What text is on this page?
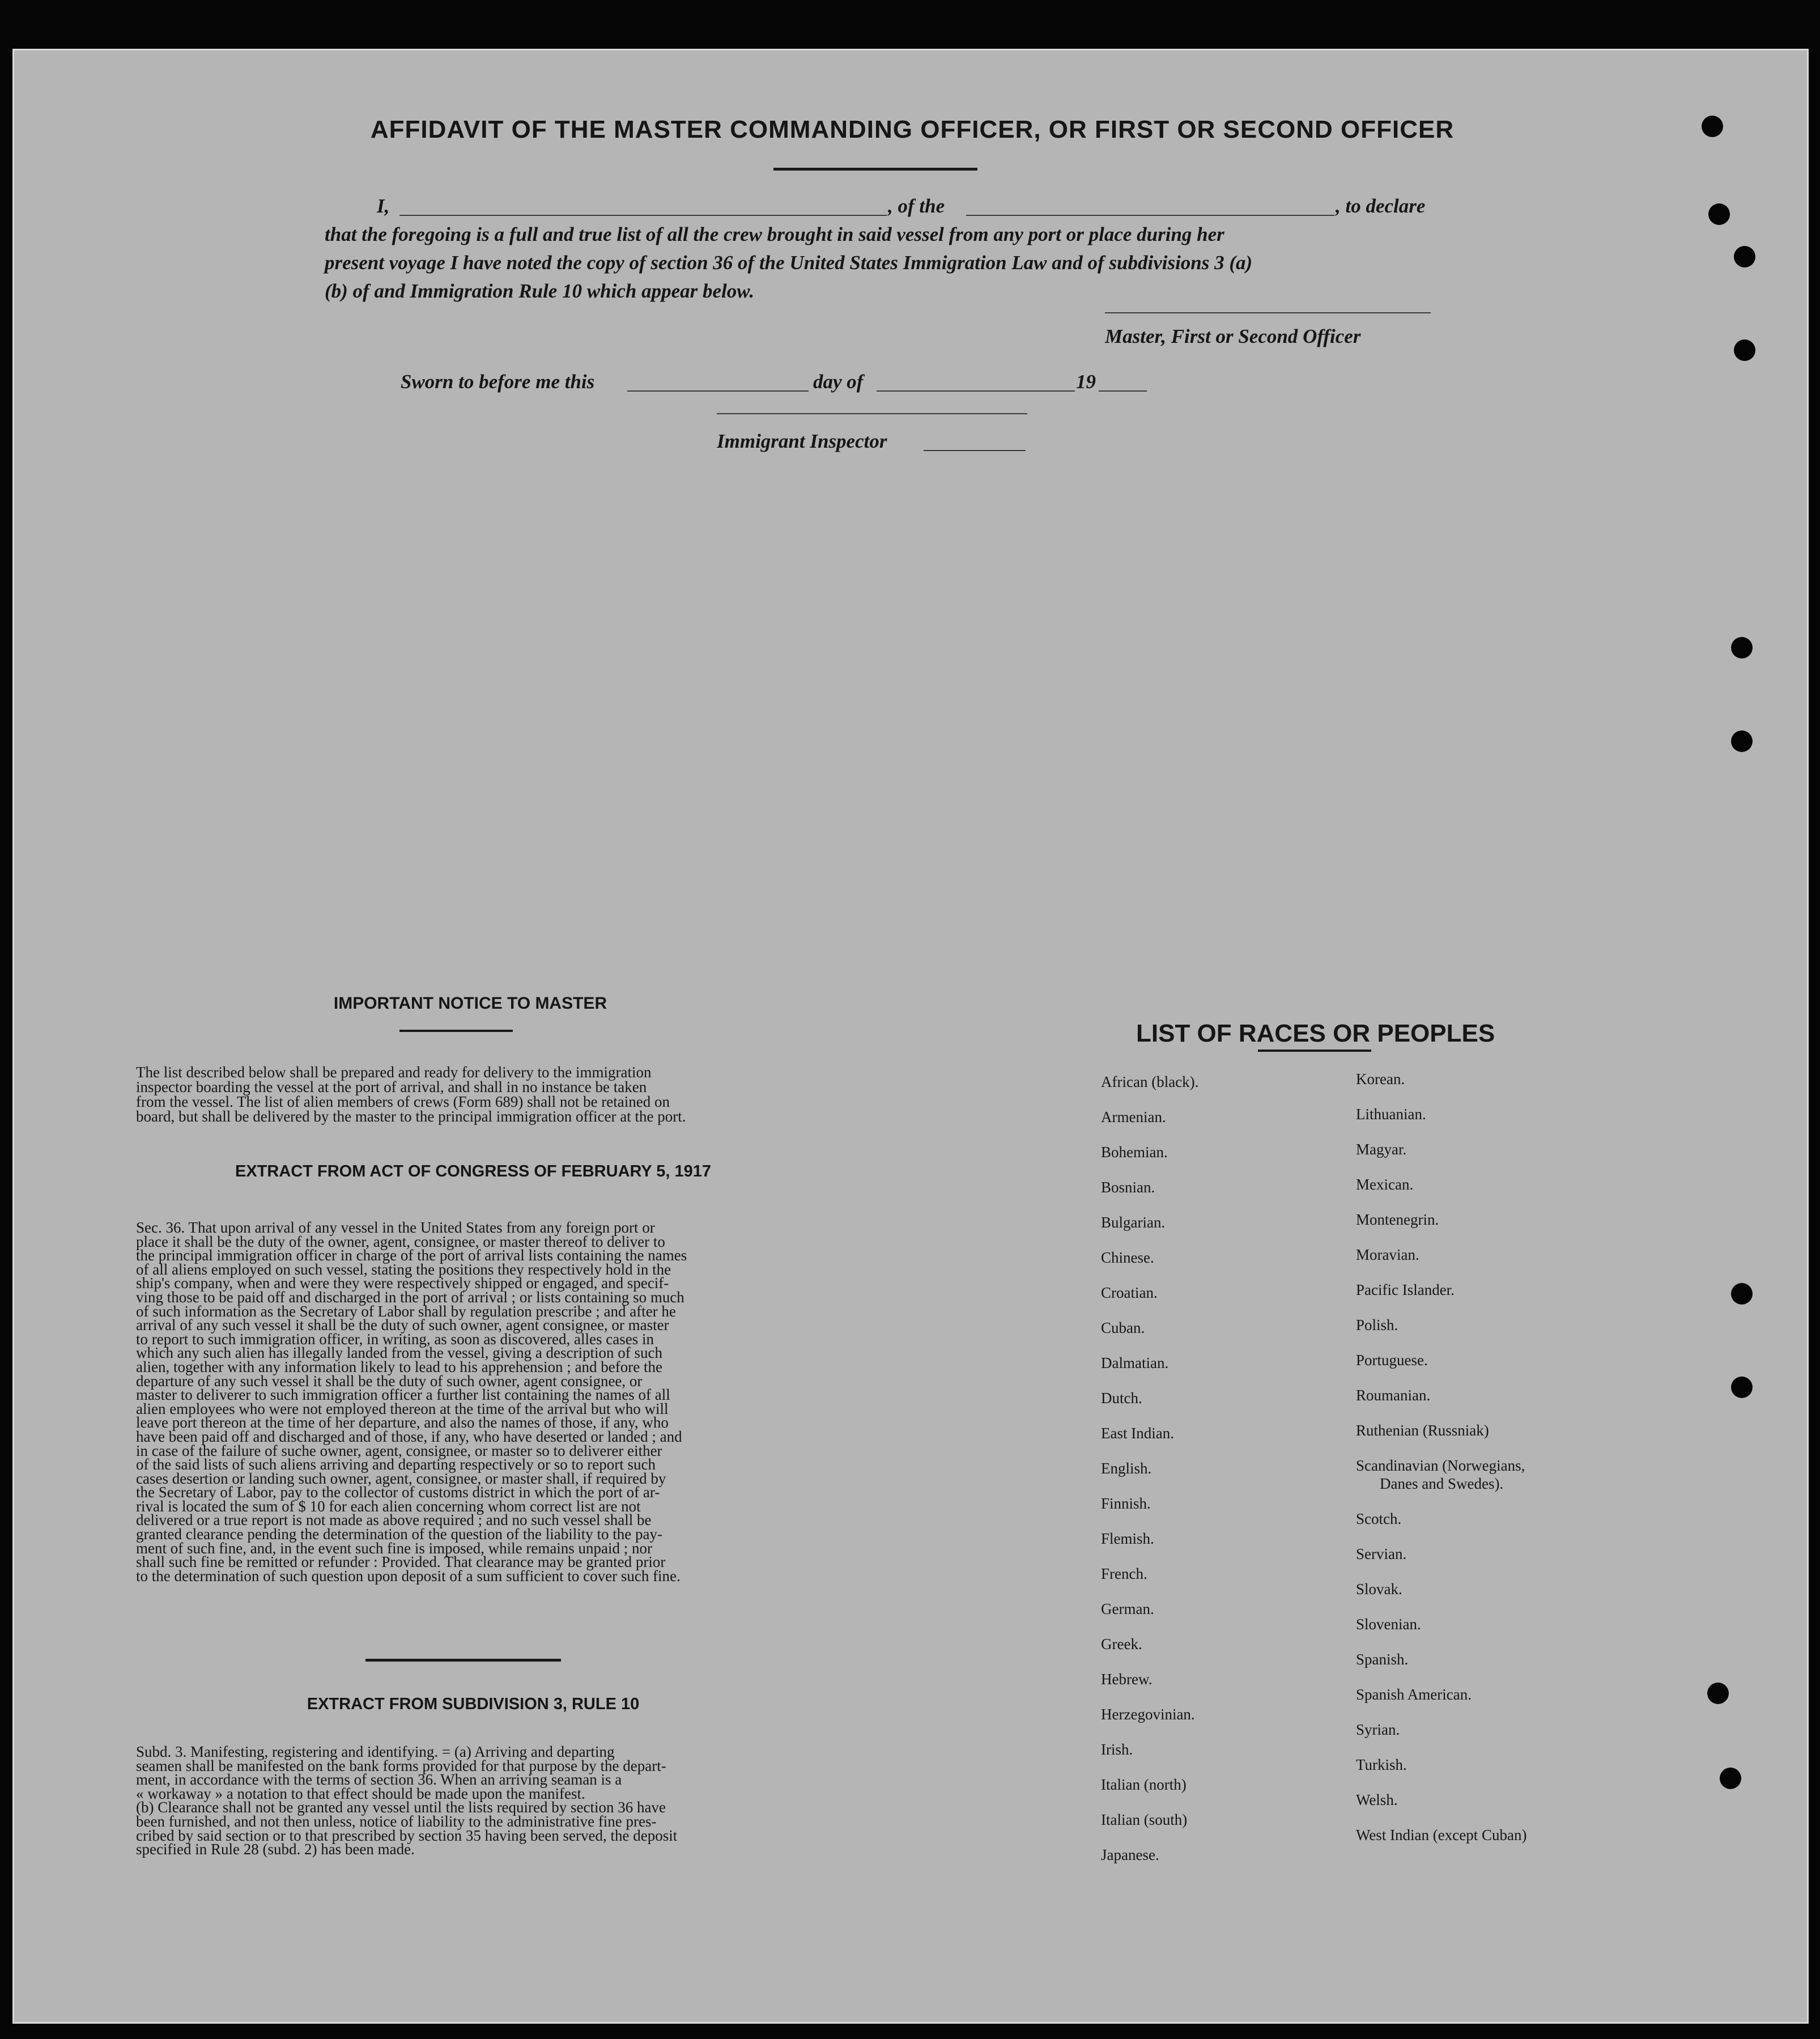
AFFIDAVIT OF THE MASTER COMMANDING OFFICER, OR FIRST OR SECOND OFFICER
I,	, of the	, to declare
that the foregoing is a full and true list of all the crew brought in said vessel from any port or place during her
present voyage I have noted the copy of section 36 of the United States Immigration Law and of subdivisions 3 (a)
(b) of and Immigration Rule 10 which appear below.
Master, First or Second Officer
Sworn to before me this	day of	19
Immigrant Inspector
IMPORTANT NOTICE TO MASTER
The list described below shall be prepared and ready for delivery to the immigration
inspector boarding the vessel at the port of arrival, and shall in no instance be taken
from the vessel. The list of alien members of crews (Form 689) shall not be retained on
board, but shall be delivered by the master to the principal immigration officer at the port.
EXTRACT FROM ACT OF CONGRESS OF FEBRUARY 5, 1917
Sec. 36. That upon arrival of any vessel in the United States from any foreign port or
place it shall be the duty of the owner, agent, consignee, or master thereof to deliver to
the principal immigration officer in charge of the port of arrival lists containing the names
of all aliens employed on such vessel, stating the positions they respectively hold in the
ship's company, when and were they were respectively shipped or engaged, and specif-
ving those to be paid off and discharged in the port of arrival ; or lists containing so much
of such information as the Secretary of Labor shall by regulation prescribe ; and after he
arrival of any such vessel it shall be the duty of such owner, agent consignee, or master
to report to such immigration officer, in writing, as soon as discovered, alles cases in
which any such alien has illegally landed from the vessel, giving a description of such
alien, together with any information likely to lead to his apprehension ; and before the
departure of any such vessel it shall be the duty of such owner, agent consignee, or
master to deliverer to such immigration officer a further list containing the names of all
alien employees who were not employed thereon at the time of the arrival but who will
leave port thereon at the time of her departure, and also the names of those, if any, who
have been paid off and discharged and of those, if any, who have deserted or landed ; and
in case of the failure of suche owner, agent, consignee, or master so to deliverer either
of the said lists of such aliens arriving and departing respectively or so to report such
cases desertion or landing such owner, agent, consignee, or master shall, if required by
the Secretary of Labor, pay to the collector of customs district in which the port of ar-
rival is located the sum of $ 10 for each alien concerning whom correct list are not
delivered or a true report is not made as above required ; and no such vessel shall be
granted clearance pending the determination of the question of the liability to the pay-
ment of such fine, and, in the event such fine is imposed, while remains unpaid ; nor
shall such fine be remitted or refunder : Provided. That clearance may be granted prior
to the determination of such question upon deposit of a sum sufficient to cover such fine.
EXTRACT FROM SUBDIVISION 3, RULE 10
Subd. 3. Manifesting, registering and identifying. = (a) Arriving and departing
seamen shall be manifested on the bank forms provided for that purpose by the depart-
ment, in accordance with the terms of section 36. When an arriving seaman is a
« workaway » a notation to that effect should be made upon the manifest.
(b) Clearance shall not be granted any vessel until the lists required by section 36 have
been furnished, and not then unless, notice of liability to the administrative fine pres-
cribed by said section or to that prescribed by section 35 having been served, the deposit
specified in Rule 28 (subd. 2) has been made.
LIST OF RACES OR PEOPLES
African (black).
Armenian.
Bohemian.
Bosnian.
Bulgarian.
Chinese.
Croatian.
Cuban.
Dalmatian.
Dutch.
East Indian.
English.
Finnish.
Flemish.
French.
German.
Greek.
Hebrew.
Herzegovinian.
Irish.
Italian (north)
Italian (south)
Japanese.
Korean.
Lithuanian.
Magyar.
Mexican.
Montenegrin.
Moravian.
Pacific Islander.
Polish.
Portuguese.
Roumanian.
Ruthenian (Russniak)
Scandinavian (Norwegians,
Danes and Swedes).
Scotch.
Servian.
Slovak.
Slovenian.
Spanish.
Spanish American.
Syrian.
Turkish.
Welsh.
West Indian (except Cuban)
